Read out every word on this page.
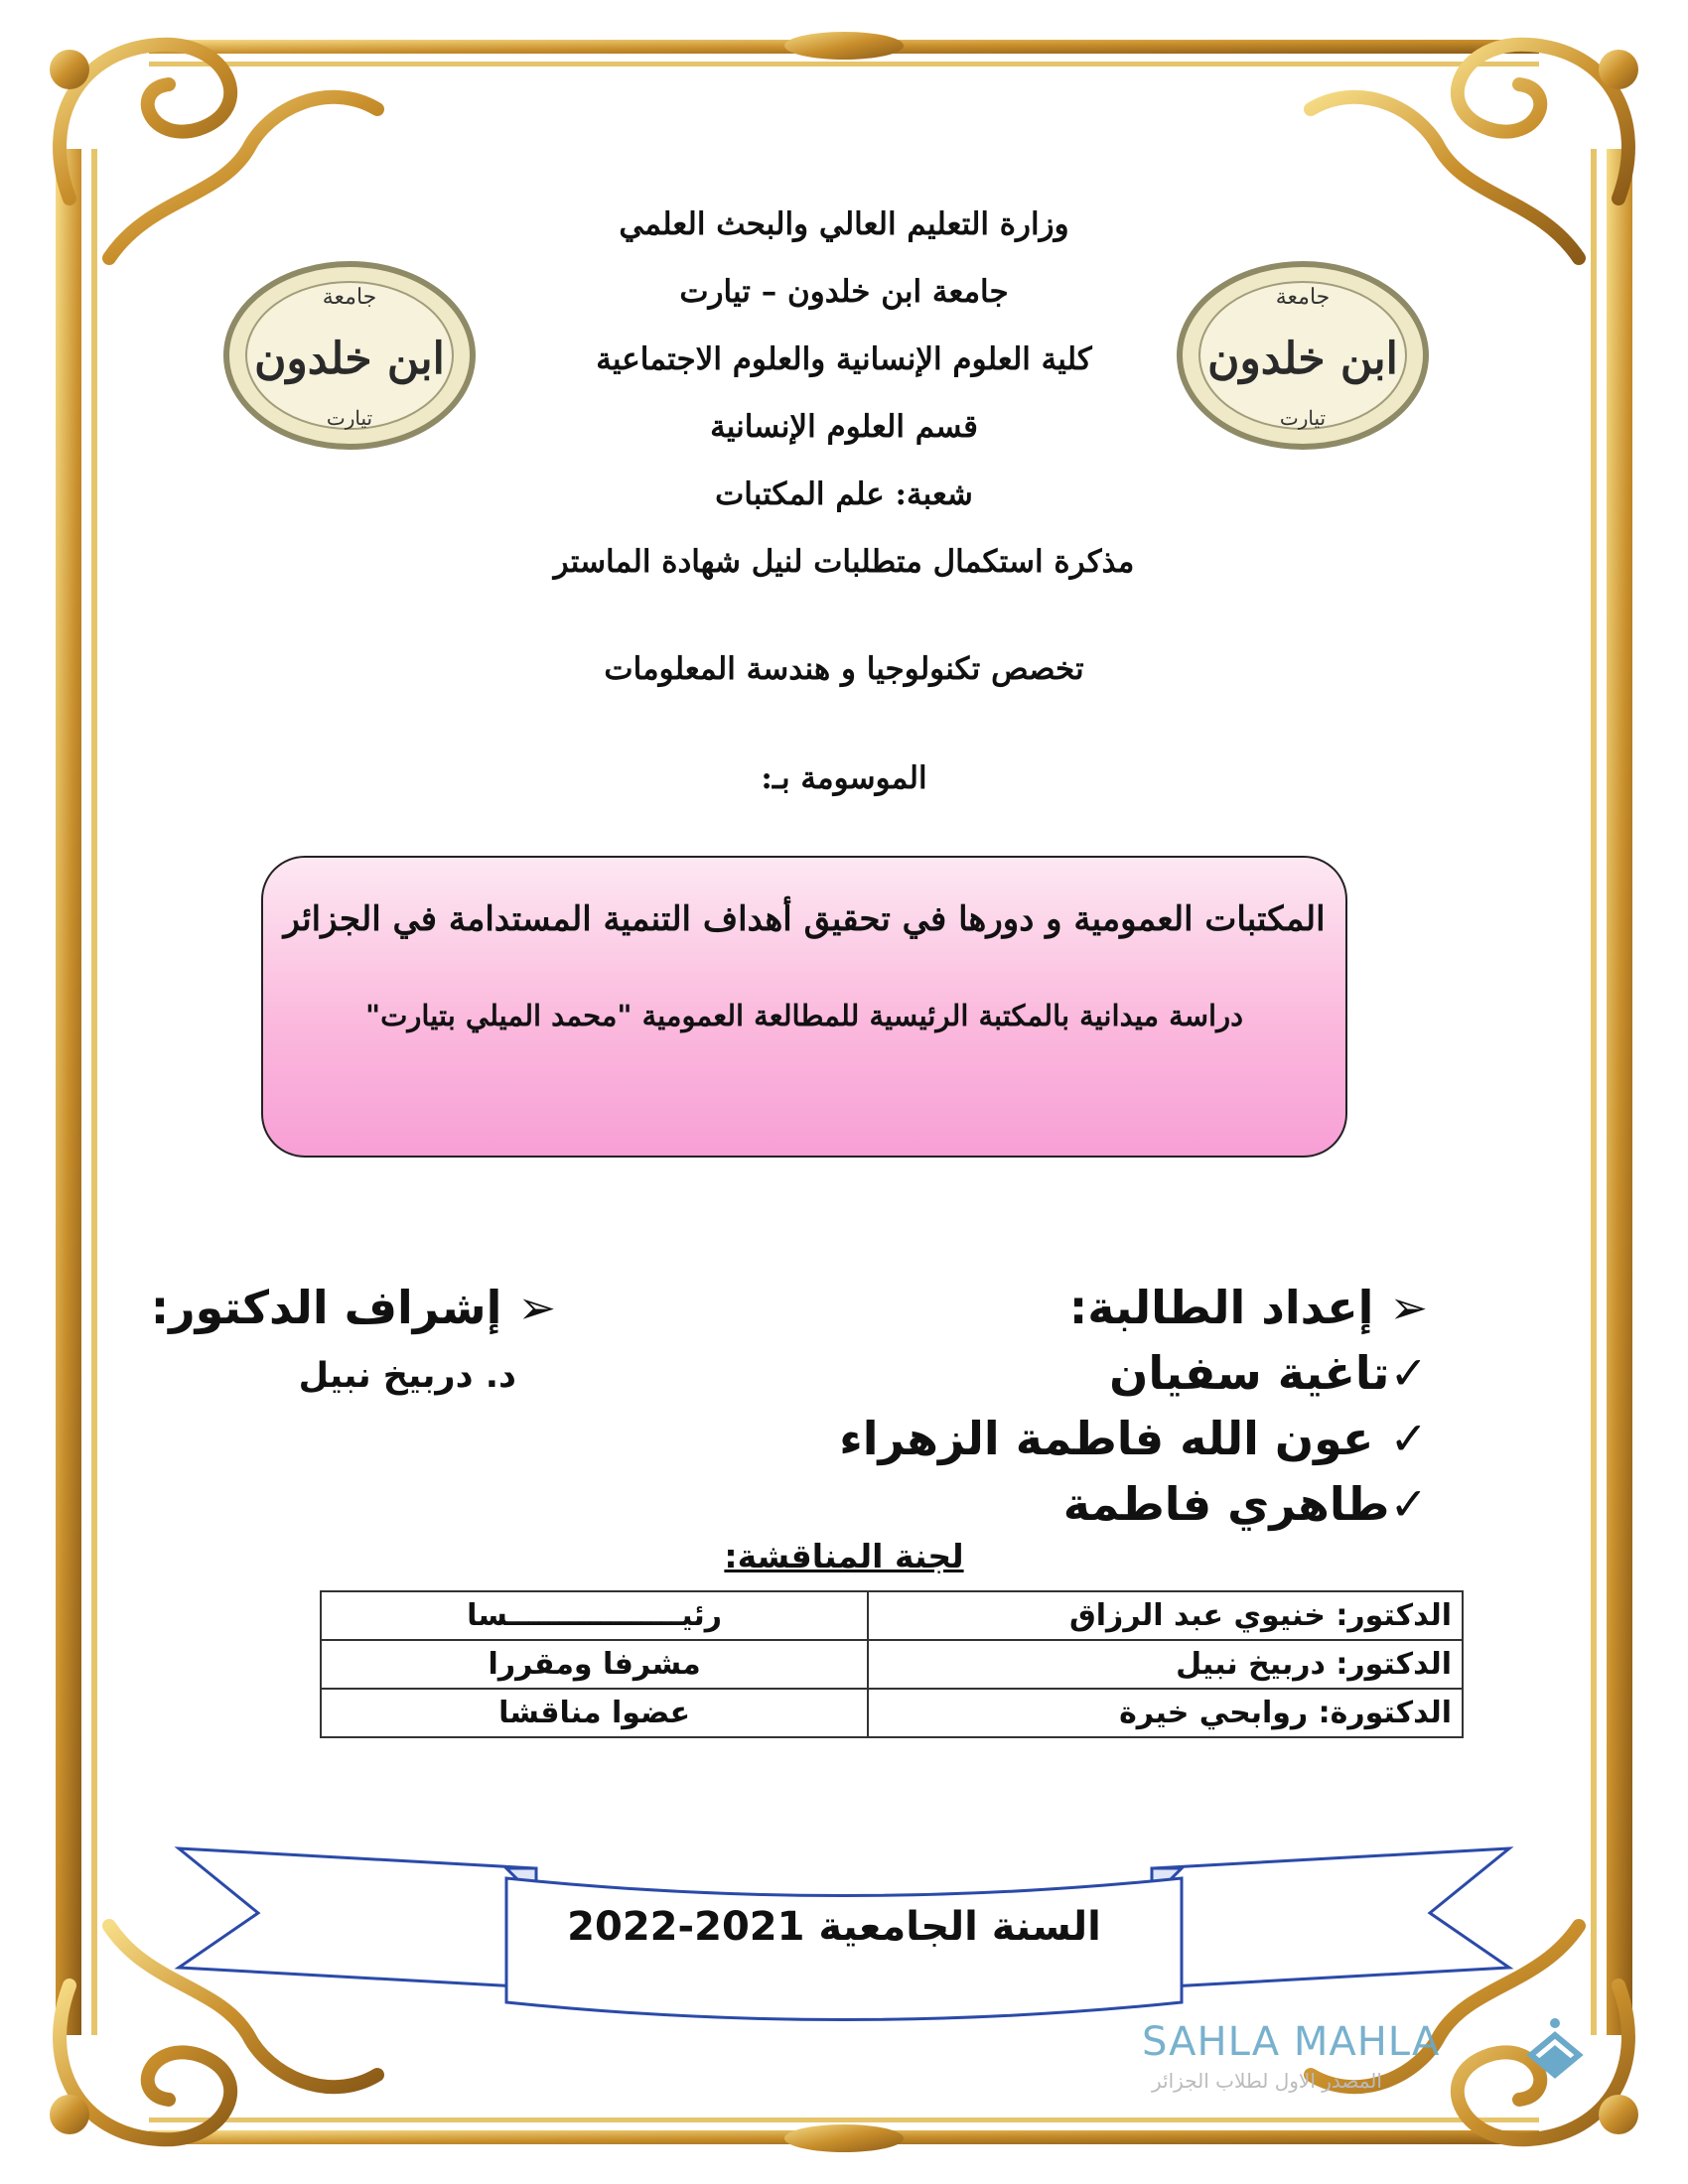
جامعة
ابن خلدون
تيارت
جامعة
ابن خلدون
تيارت
وزارة التعليم العالي والبحث العلمي
جامعة ابن خلدون – تيارت
كلية العلوم الإنسانية والعلوم الاجتماعية
قسم العلوم الإنسانية
شعبة: علم المكتبات
مذكرة استكمال متطلبات لنيل شهادة الماستر
تخصص تكنولوجيا و هندسة المعلومات
الموسومة بـ:
المكتبات العمومية و دورها في تحقيق أهداف التنمية المستدامة في الجزائر
دراسة ميدانية بالمكتبة الرئيسية للمطالعة العمومية "محمد الميلي بتيارت"
➢ إعداد الطالبة:
✓تاغية سفيان
✓ عون الله فاطمة الزهراء
✓طاهري فاطمة
➢ إشراف الدكتور:
د. دربيخ نبيل
لجنة المناقشة:
الدكتور: خنيوي عبد الرزاق	رئيـــــــــــــــــسا
الدكتور: دربيخ نبيل	مشرفا ومقررا
الدكتورة: روابحي خيرة	عضوا مناقشا
السنة الجامعية 2021-2022
SAHLA MAHLA
المصدر الاول لطلاب الجزائر
